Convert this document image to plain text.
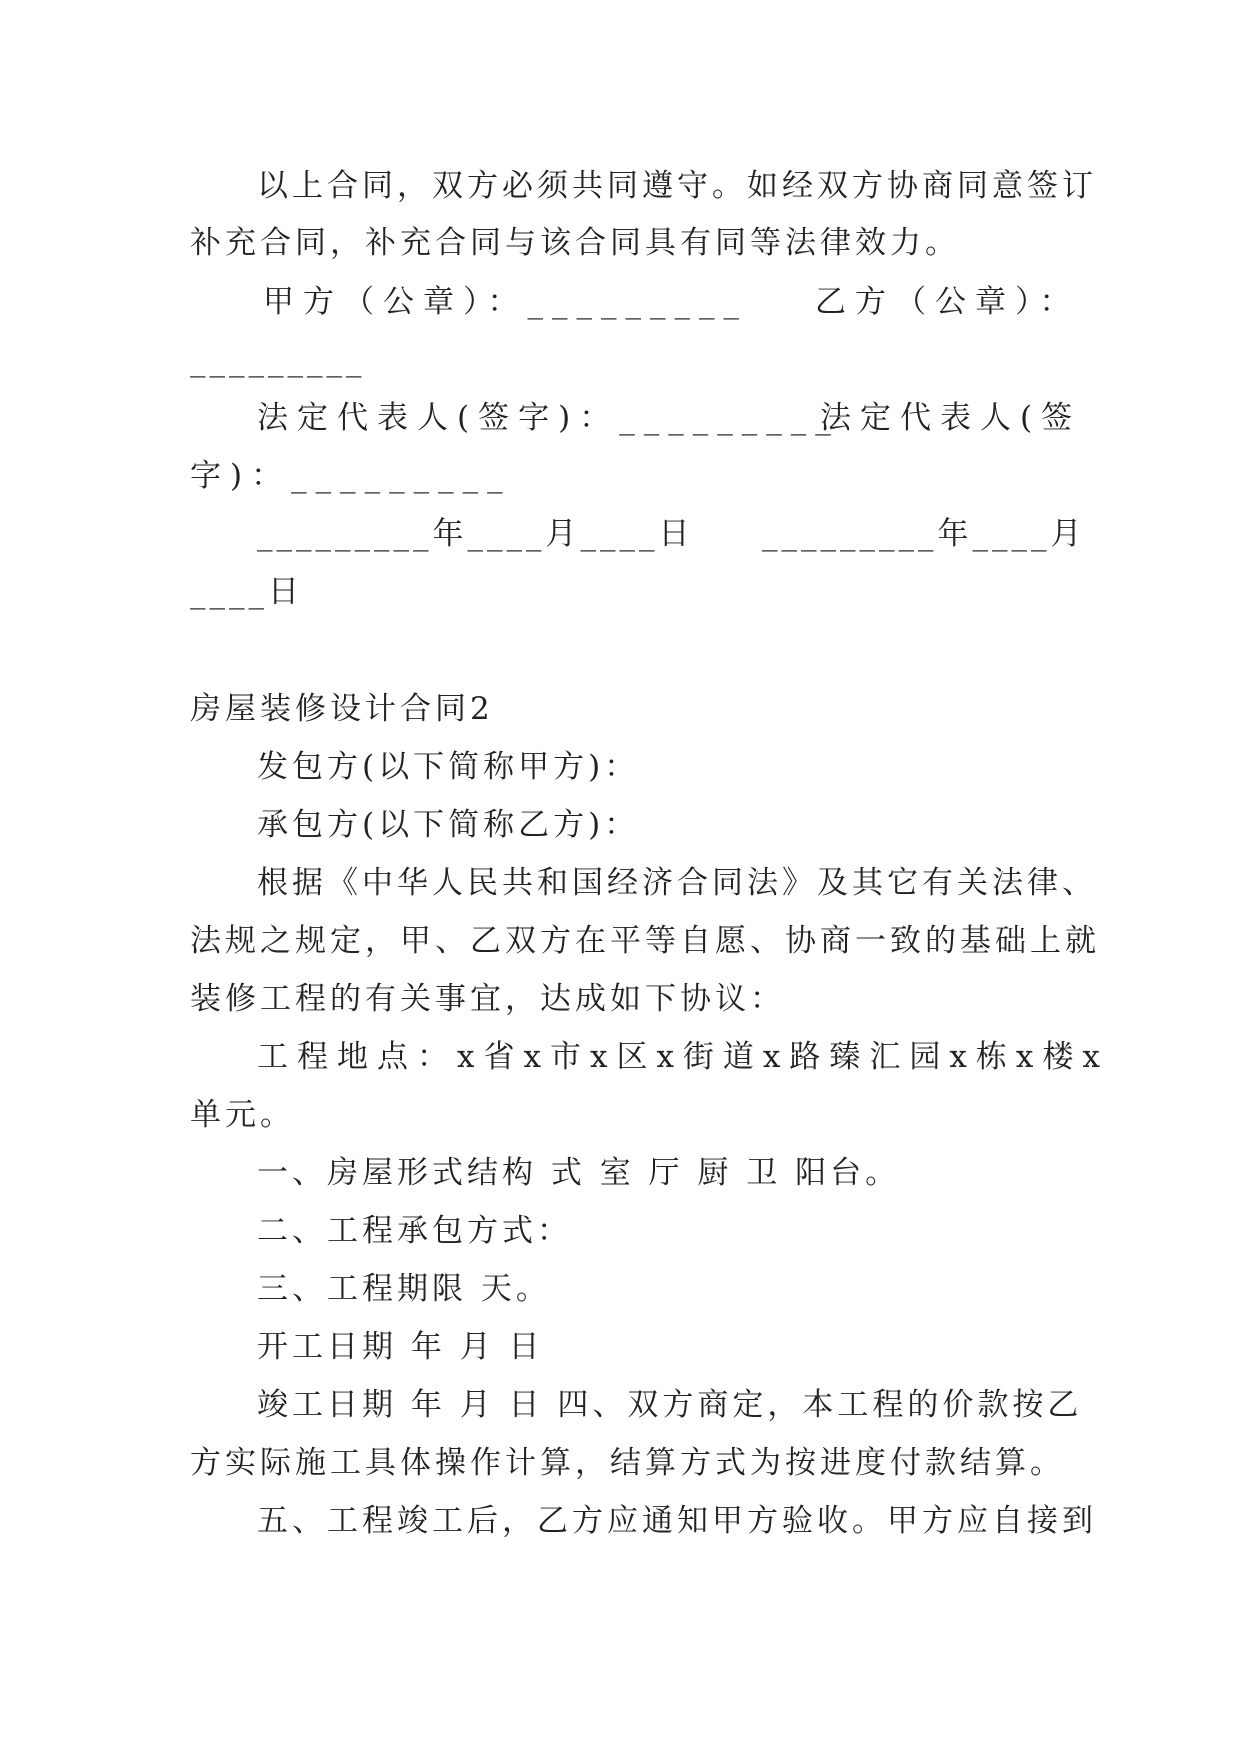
以上合同，双方必须共同遵守。如经双方协商同意签订
补充合同，补充合同与该合同具有同等法律效力。
甲方（公章）：_________ 乙方（公章）：
_________
法定代表人(签字)：_________
法定代表人(签
字)：_________
_________年____月____日 _________年____月
____日
房屋装修设计合同2
发包方(以下简称甲方)：
承包方(以下简称乙方)：
根据《中华人民共和国经济合同法》及其它有关法律、
法规之规定，甲、乙双方在平等自愿、协商一致的基础上就
装修工程的有关事宜，达成如下协议：
工程地点：x省x市x区x街道x路臻汇园x栋x楼x
单元。
一、房屋形式结构 式 室 厅 厨 卫 阳台。
二、工程承包方式：
三、工程期限 天。
开工日期 年 月 日
竣工日期 年 月 日 四、双方商定，本工程的价款按乙
方实际施工具体操作计算，结算方式为按进度付款结算。
五、工程竣工后，乙方应通知甲方验收。甲方应自接到
